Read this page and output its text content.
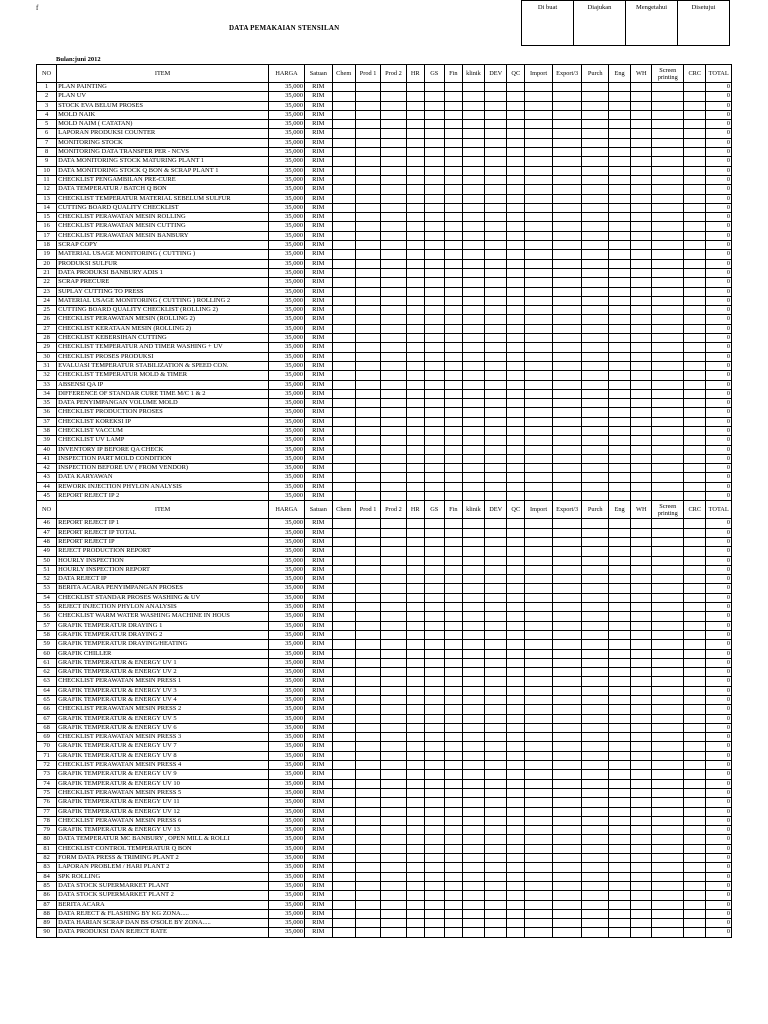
f
DATA PEMAKAIAN STENSILAN
Di buat	Diajukan	Mengetahui	Disetujui
Bulan:juni 2012
NO	ITEM	HARGA	Satuan	Chem	Prod 1	Prod 2	HR	GS	Fin	klinik	DEV	QC	Import	Export/3	Purch	Eng	WH	Screen printing	CRC	TOTAL
1	PLAN PAINTING	35,000	RIM																	0
2	PLAN UV	35,000	RIM																	0
3	STOCK EVA BELUM PROSES	35,000	RIM																	0
4	MOLD NAIK	35,000	RIM																	0
5	MOLD NAIM ( CATATAN)	35,000	RIM																	0
6	LAPORAN PRODUKSI COUNTER	35,000	RIM																	0
7	MONITORING STOCK	35,000	RIM																	0
8	MONITORING DATA TRANSFER PER - NCVS	35,000	RIM																	0
9	DATA MONITORING STOCK MATURING PLANT 1	35,000	RIM																	0
10	DATA MONITORING STOCK Q BON & SCRAP PLANT 1	35,000	RIM																	0
11	CHECKLIST PENGAMBILAN PRE-CURE	35,000	RIM																	0
12	DATA TEMPERATUR / BATCH Q BON	35,000	RIM																	0
13	CHECKLIST TEMPERATUR MATERIAL SEBELUM SULFUR	35,000	RIM																	0
14	CUTTING BOARD QUALITY CHECKLIST	35,000	RIM																	0
15	CHECKLIST PERAWATAN MESIN ROLLING	35,000	RIM																	0
16	CHECKLIST PERAWATAN MESIN CUTTING	35,000	RIM																	0
17	CHECKLIST PERAWATAN MESIN BANBURY	35,000	RIM																	0
18	SCRAP COPY	35,000	RIM																	0
19	MATERIAL USAGE MONITORING ( CUTTING )	35,000	RIM																	0
20	PRODUKSI SULFUR	35,000	RIM																	0
21	DATA PRODUKSI BANBURY ADIS 1	35,000	RIM																	0
22	SCRAP PRECURE	35,000	RIM																	0
23	SUPLAY CUTTING TO PRESS	35,000	RIM																	0
24	MATERIAL USAGE MONITORING ( CUTTING ) ROLLING 2	35,000	RIM																	0
25	CUTTING BOARD QUALITY CHECKLIST (ROLLING 2)	35,000	RIM																	0
26	CHECKLIST PERAWATAN MESIN (ROLLING 2)	35,000	RIM																	0
27	CHECKLIST KERATAAN MESIN (ROLLING 2)	35,000	RIM																	0
28	CHECKLIST KEBERSIHAN CUTTING	35,000	RIM																	0
29	CHECKLIST TEMPERATUR AND TIMER WASHING + UV	35,000	RIM																	0
30	CHECKLIST PROSES PRODUKSI	35,000	RIM																	0
31	EVALUASI TEMPERATUR STABILIZATION & SPEED CON.	35,000	RIM																	0
32	CHECKLIST TEMPERATUR MOLD & TIMER	35,000	RIM																	0
33	ABSENSI QA IP	35,000	RIM																	0
34	DIFFERENCE OF STANDAR CURE TIME M/C 1 & 2	35,000	RIM																	0
35	DATA PENYIMPANGAN VOLUME MOLD	35,000	RIM																	0
36	CHECKLIST PRODUCTION PROSES	35,000	RIM																	0
37	CHECKLIST KOREKSI IP	35,000	RIM																	0
38	CHECKLIST VACCUM	35,000	RIM																	0
39	CHECKLIST UV LAMP	35,000	RIM																	0
40	INVENTORY IP BEFORE QA CHECK	35,000	RIM																	0
41	INSPECTION PART MOLD CONDITION	35,000	RIM																	0
42	INSPECTION BEFORE UV ( FROM VENDOR)	35,000	RIM																	0
43	DATA KARYAWAN	35,000	RIM																	0
44	REWORK INJECTION PHYLON ANALYSIS	35,000	RIM																	0
45	REPORT REJECT IP 2	35,000	RIM																	0
NO	ITEM	HARGA	Satuan	Chem	Prod 1	Prod 2	HR	GS	Fin	klinik	DEV	QC	Import	Export/3	Purch	Eng	WH	Screen printing	CRC	TOTAL
46	REPORT REJECT IP 1	35,000	RIM																	0
47	REPORT REJECT IP TOTAL	35,000	RIM																	0
48	REPORT REJECT IP	35,000	RIM																	0
49	REJECT PRODUCTION REPORT	35,000	RIM																	0
50	HOURLY INSPECTION	35,000	RIM																	0
51	HOURLY INSPECTION REPORT	35,000	RIM																	0
52	DATA REJECT IP	35,000	RIM																	0
53	BERITA ACARA PENYIMPANGAN PROSES	35,000	RIM																	0
54	CHECKLIST STANDAR PROSES WASHING & UV	35,000	RIM																	0
55	REJECT INJECTION PHYLON ANALYSIS	35,000	RIM																	0
56	CHECKLIST WARM WATER WASHING MACHINE IN HOUS	35,000	RIM																	0
57	GRAFIK TEMPERATUR DRAYING 1	35,000	RIM																	0
58	GRAFIK TEMPERATUR DRAYING 2	35,000	RIM																	0
59	GRAFIK TEMPERATUR DRAYING/HEATING	35,000	RIM																	0
60	GRAFIK CHILLER	35,000	RIM																	0
61	GRAFIK TEMPERATUR & ENERGY UV 1	35,000	RIM																	0
62	GRAFIK TEMPERATUR & ENERGY UV 2	35,000	RIM																	0
63	CHECKLIST PERAWATAN MESIN PRESS 1	35,000	RIM																	0
64	GRAFIK TEMPERATUR & ENERGY UV 3	35,000	RIM																	0
65	GRAFIK TEMPERATUR & ENERGY UV 4	35,000	RIM																	0
66	CHECKLIST PERAWATAN MESIN PRESS 2	35,000	RIM																	0
67	GRAFIK TEMPERATUR & ENERGY UV 5	35,000	RIM																	0
68	GRAFIK TEMPERATUR & ENERGY UV 6	35,000	RIM																	0
69	CHECKLIST PERAWATAN MESIN PRESS 3	35,000	RIM																	0
70	GRAFIK TEMPERATUR & ENERGY UV 7	35,000	RIM																	0
71	GRAFIK TEMPERATUR & ENERGY UV 8	35,000	RIM																	0
72	CHECKLIST PERAWATAN MESIN PRESS 4	35,000	RIM																	0
73	GRAFIK TEMPERATUR & ENERGY UV 9	35,000	RIM																	0
74	GRAFIK TEMPERATUR & ENERGY UV 10	35,000	RIM																	0
75	CHECKLIST PERAWATAN MESIN PRESS 5	35,000	RIM																	0
76	GRAFIK TEMPERATUR & ENERGY UV 11	35,000	RIM																	0
77	GRAFIK TEMPERATUR & ENERGY UV 12	35,000	RIM																	0
78	CHECKLIST PERAWATAN MESIN PRESS 6	35,000	RIM																	0
79	GRAFIK TEMPERATUR & ENERGY UV 13	35,000	RIM																	0
80	DATA TEMPERATUR MC BANBURY , OPEN MILL & ROLLI	35,000	RIM																	0
81	CHECKLIST CONTROL TEMPERATUR Q BON	35,000	RIM																	0
82	FORM DATA PRESS & TRIMING PLANT 2	35,000	RIM																	0
83	LAPORAN PROBLEM / HARI PLANT 2	35,000	RIM																	0
84	SPK ROLLING	35,000	RIM																	0
85	DATA STOCK SUPERMARKET PLANT	35,000	RIM																	0
86	DATA STOCK SUPERMARKET PLANT 2	35,000	RIM																	0
87	BERITA ACARA	35,000	RIM																	0
88	DATA REJECT & FLASHING BY KG ZONA.....	35,000	RIM																	0
89	DATA HARIAN SCRAP DAN BS O'SOLE BY ZONA.....	35,000	RIM																	0
90	DATA PRODUKSI DAN REJECT RATE	35,000	RIM																	0
